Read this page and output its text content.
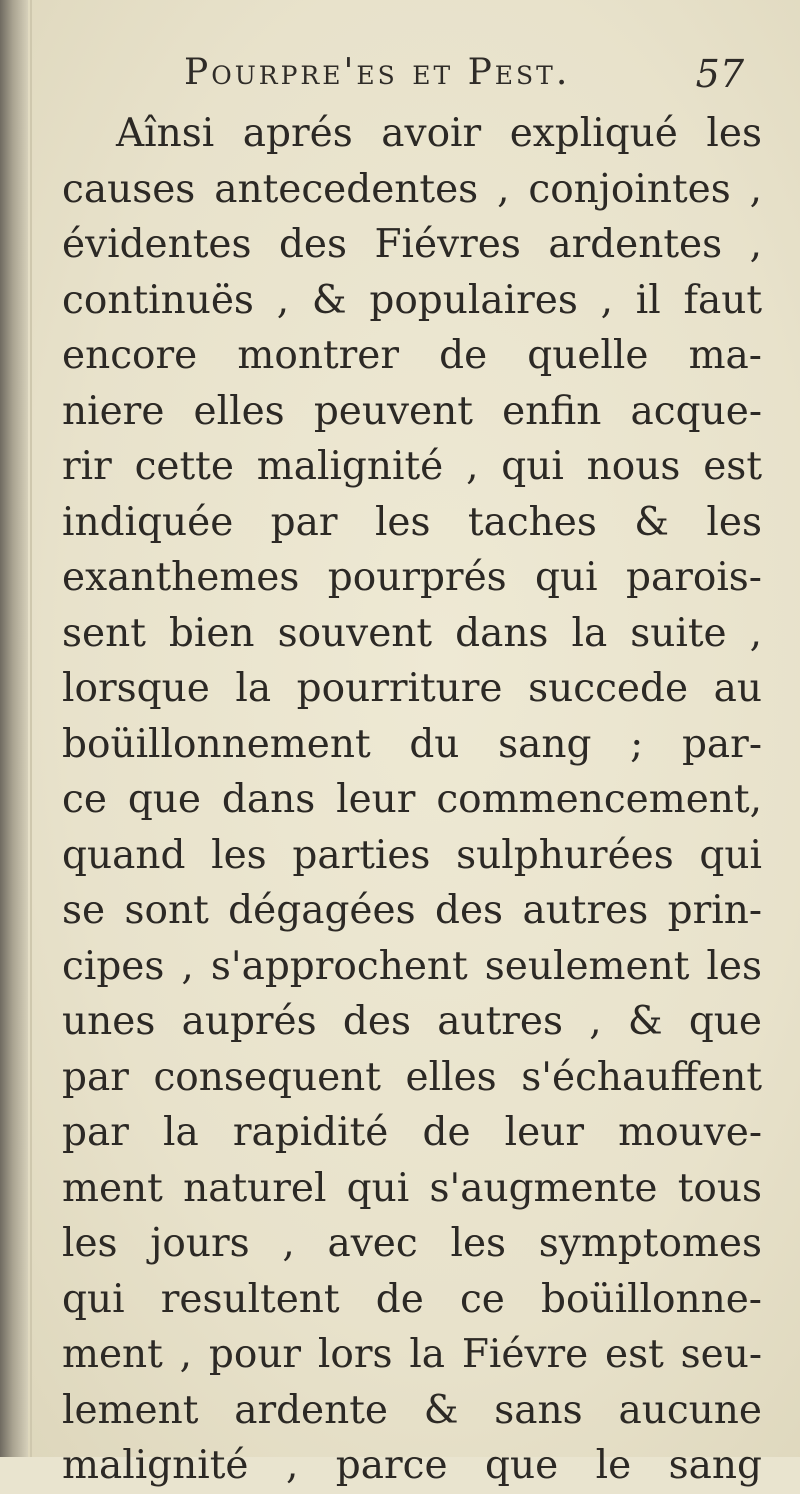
Pourpre'es et Pest.	57
Aînsi aprés avoir expliqué les
causes antecedentes , conjointes ,
évidentes des Fiévres ardentes ,
continuës , & populaires , il faut
encore montrer de quelle ma-
niere elles peuvent enfin acque-
rir cette malignité , qui nous est
indiquée par les taches & les
exanthemes pourprés qui parois-
sent bien souvent dans la suite ,
lorsque la pourriture succede au
boüillonnement du sang ; par-
ce que dans leur commencement,
quand les parties sulphurées qui
se sont dégagées des autres prin-
cipes , s'approchent seulement les
unes auprés des autres , & que
par consequent elles s'échauffent
par la rapidité de leur mouve-
ment naturel qui s'augmente tous
les jours , avec les symptomes
qui resultent de ce boüillonne-
ment , pour lors la Fiévre est seu-
lement ardente & sans aucune
malignité , parce que le sang
